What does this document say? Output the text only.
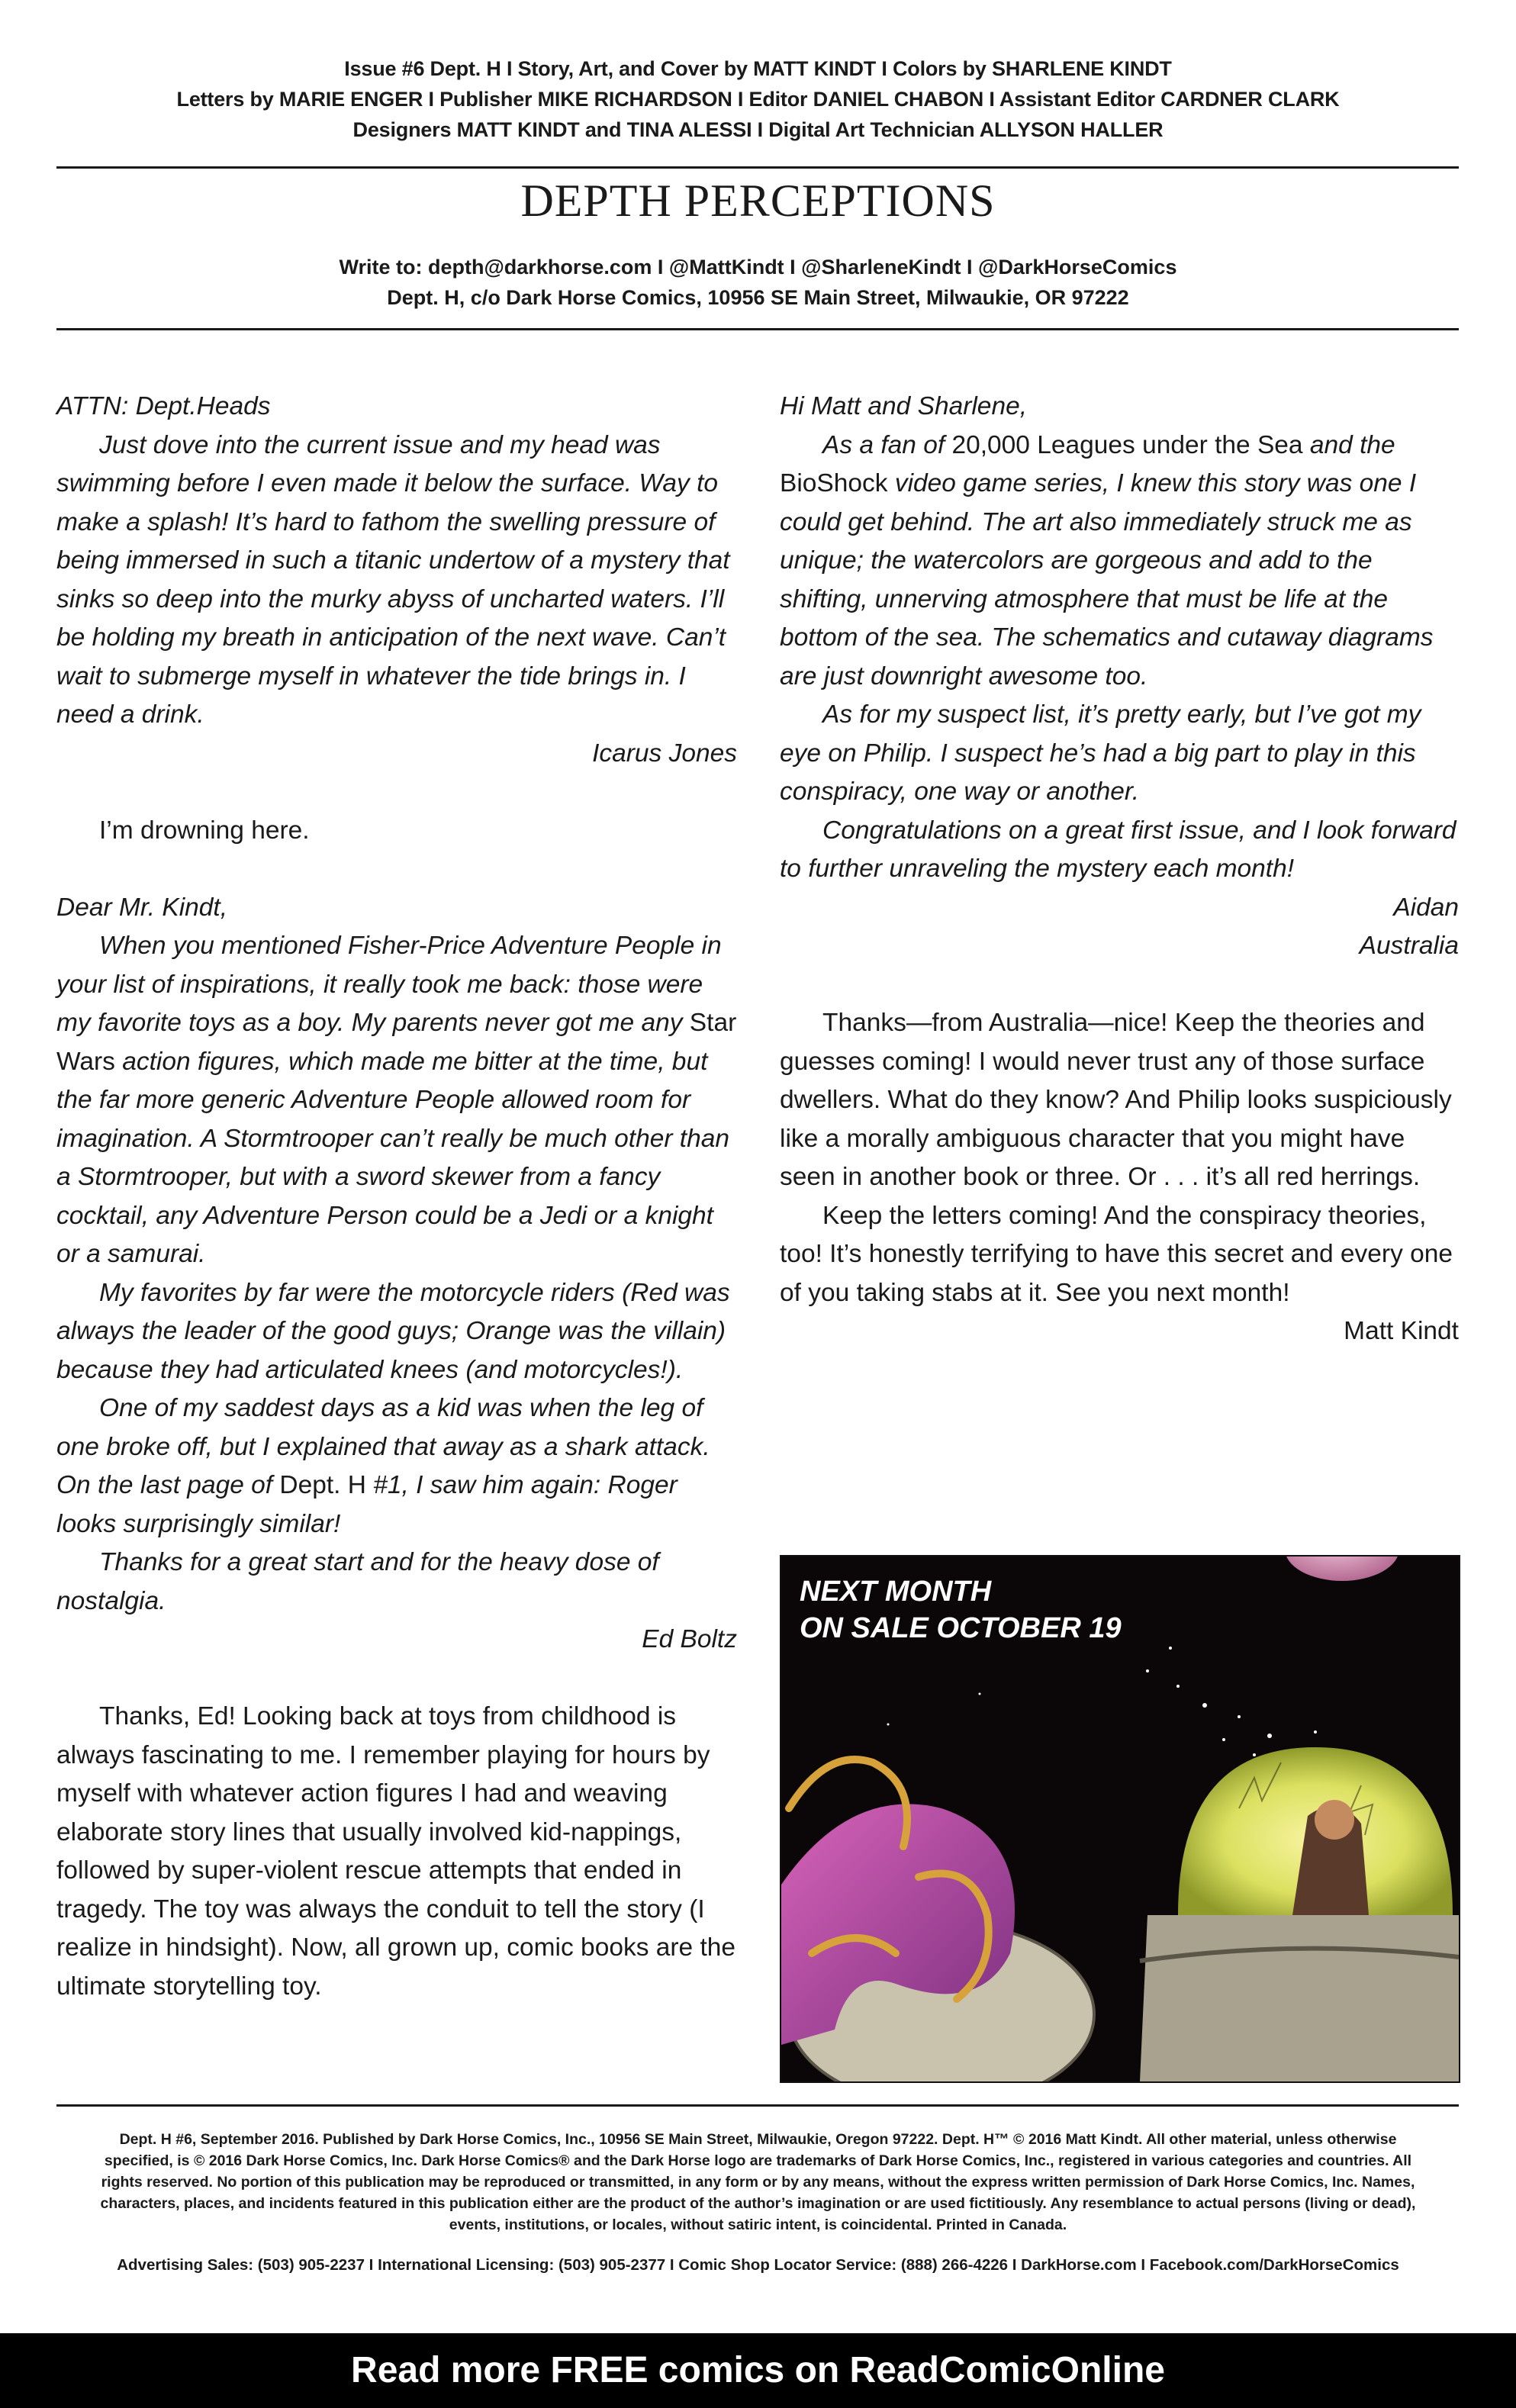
Issue #6 Dept. H I Story, Art, and Cover by MATT KINDT I Colors by SHARLENE KINDT
Letters by MARIE ENGER I Publisher MIKE RICHARDSON I Editor DANIEL CHABON I Assistant Editor CARDNER CLARK
Designers MATT KINDT and TINA ALESSI I Digital Art Technician ALLYSON HALLER
DEPTH PERCEPTIONS
Write to: depth@darkhorse.com I @MattKindt I @SharleneKindt I @DarkHorseComics
Dept. H, c/o Dark Horse Comics, 10956 SE Main Street, Milwaukie, OR 97222

ATTN: Dept.Heads

Just dove into the current issue and my head was swimming before I even made it below the surface. Way to make a splash! It’s hard to fathom the swelling pressure of being immersed in such a titanic undertow of a mystery that sinks so deep into the murky abyss of uncharted waters. I’ll be holding my breath in anticipation of the next wave. Can’t wait to submerge myself in whatever the tide brings in. I need a drink.

Icarus Jones

I’m drowning here.

Dear Mr. Kindt,

When you mentioned Fisher-Price Adventure People in your list of inspirations, it really took me back: those were my favorite toys as a boy. My parents never got me any Star Wars action figures, which made me bitter at the time, but the far more generic Adventure People allowed room for imagination. A Stormtrooper can’t really be much other than a Stormtrooper, but with a sword skewer from a fancy cocktail, any Adventure Person could be a Jedi or a knight or a samurai.

My favorites by far were the motorcycle riders (Red was always the leader of the good guys; Orange was the villain) because they had articulated knees (and motorcycles!).

One of my saddest days as a kid was when the leg of one broke off, but I explained that away as a shark attack. On the last page of Dept. H #1, I saw him again: Roger looks surprisingly similar!

Thanks for a great start and for the heavy dose of nostalgia.

Ed Boltz

Thanks, Ed! Looking back at toys from childhood is always fascinating to me. I remember playing for hours by myself with whatever action figures I had and weaving elaborate story lines that usually involved kid-nappings, followed by super-violent rescue attempts that ended in tragedy. The toy was always the conduit to tell the story (I realize in hindsight). Now, all grown up, comic books are the ultimate storytelling toy.

Hi Matt and Sharlene,

As a fan of 20,000 Leagues under the Sea and the BioShock video game series, I knew this story was one I could get behind. The art also immediately struck me as unique; the watercolors are gorgeous and add to the shifting, unnerving atmosphere that must be life at the bottom of the sea. The schematics and cutaway diagrams are just downright awesome too.

As for my suspect list, it’s pretty early, but I’ve got my eye on Philip. I suspect he’s had a big part to play in this conspiracy, one way or another.

Congratulations on a great first issue, and I look forward to further unraveling the mystery each month!

Aidan

Australia

Thanks—from Australia—nice! Keep the theories and guesses coming! I would never trust any of those surface dwellers. What do they know? And Philip looks suspiciously like a morally ambiguous character that you might have seen in another book or three. Or . . . it’s all red herrings.

Keep the letters coming! And the conspiracy theories, too! It’s honestly terrifying to have this secret and every one of you taking stabs at it. See you next month!

Matt Kindt

NEXT MONTH
ON SALE OCTOBER 19
Dept. H #6, September 2016. Published by Dark Horse Comics, Inc., 10956 SE Main Street, Milwaukie, Oregon 97222. Dept. H™ © 2016 Matt Kindt. All other material, unless otherwise specified, is © 2016 Dark Horse Comics, Inc. Dark Horse Comics® and the Dark Horse logo are trademarks of Dark Horse Comics, Inc., registered in various categories and countries. All rights reserved. No portion of this publication may be reproduced or transmitted, in any form or by any means, without the express written permission of Dark Horse Comics, Inc. Names, characters, places, and incidents featured in this publication either are the product of the author’s imagination or are used fictitiously. Any resemblance to actual persons (living or dead), events, institutions, or locales, without satiric intent, is coincidental. Printed in Canada.
Advertising Sales: (503) 905-2237 I International Licensing: (503) 905-2377 I Comic Shop Locator Service: (888) 266-4226 I DarkHorse.com I Facebook.com/DarkHorseComics
Read more FREE comics on ReadComicOnline
